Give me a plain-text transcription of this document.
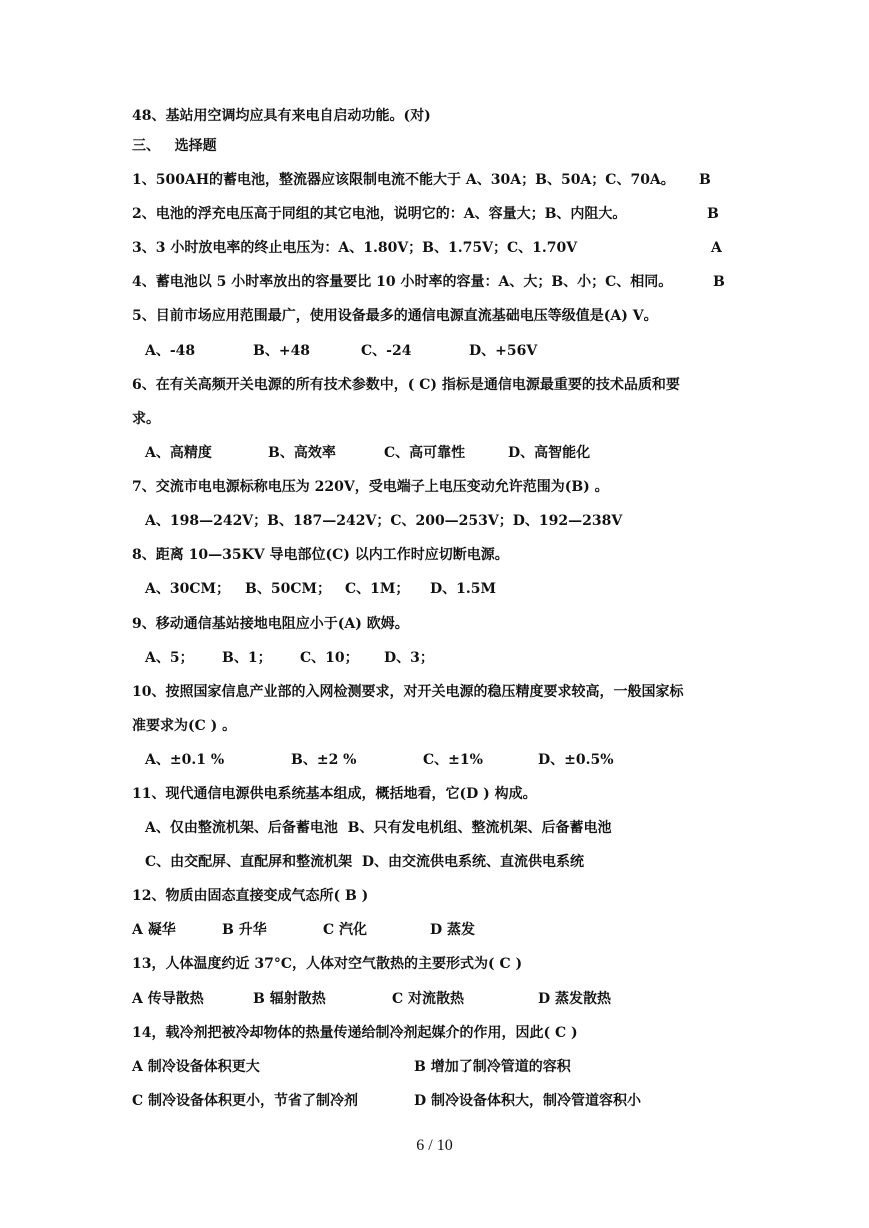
48、基站用空调均应具有来电自启动功能。(对)
三、   选择题
1、500AH的蓄电池，整流器应该限制电流不能大于 A、30A；B、50A；C、70A。 B
2、电池的浮充电压高于同组的其它电池，说明它的：A、容量大；B、内阻大。	B
3、3 小时放电率的终止电压为：A、1.80V；B、1.75V；C、1.70V	A
4、蓄电池以 5 小时率放出的容量要比 10 小时率的容量：A、大；B、小；C、相同。	B
5、目前市场应用范围最广，使用设备最多的通信电源直流基础电压等级值是(A) V。
A、-48	B、+48	C、-24	D、+56V
6、在有关高频开关电源的所有技术参数中，( C) 指标是通信电源最重要的技术品质和要
求。
A、高精度	B、高效率	C、高可靠性	D、高智能化
7、交流市电电源标称电压为 220V，受电端子上电压变动允许范围为(B) 。
A、198—242V；B、187—242V；C、200—253V；D、192—238V
8、距离 10—35KV 导电部位(C) 以内工作时应切断电源。
A、30CM； B、50CM； C、1M； D、1.5M
9、移动通信基站接地电阻应小于(A) 欧姆。
A、5； B、1； C、10； D、3；
10、按照国家信息产业部的入网检测要求，对开关电源的稳压精度要求较高，一般国家标
准要求为(C ) 。
A、±0.1 %	B、±2 %	C、±1%	D、±0.5%
11、现代通信电源供电系统基本组成，概括地看，它(D ) 构成。
A、仅由整流机架、后备蓄电池  B、只有发电机组、整流机架、后备蓄电池
C、由交配屏、直配屏和整流机架  D、由交流供电系统、直流供电系统
12、物质由固态直接变成气态所( B )
A 凝华	B 升华	C 汽化	D 蒸发
13，人体温度约近 37°C，人体对空气散热的主要形式为( C )
A 传导散热	B 辐射散热	C 对流散热	D 蒸发散热
14，载冷剂把被冷却物体的热量传递给制冷剂起媒介的作用，因此( C )
A 制冷设备体积更大	B 增加了制冷管道的容积
C 制冷设备体积更小，节省了制冷剂	D 制冷设备体积大，制冷管道容积小
6 / 10
